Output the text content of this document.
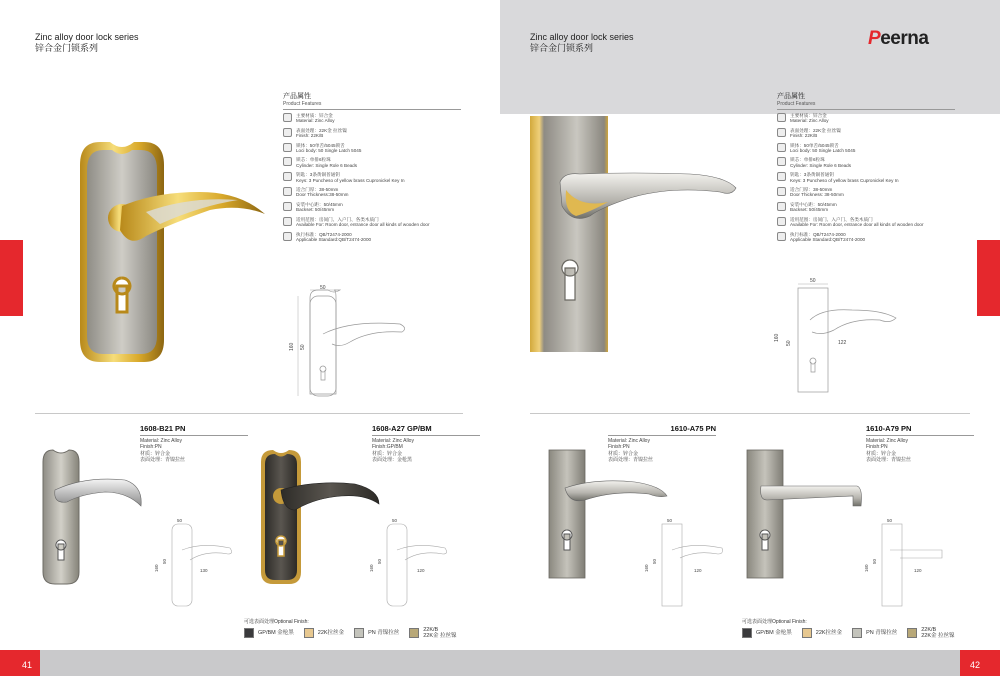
Zinc alloy door lock series
锌合金门锁系列
产品属性
Product Features
主要材质：锌合金
Material: Zinc Alloy
表面处理：22K金 拉丝镍
Finish: 22K/B
锁体：50单舌/5045锁舌
Loci body: 50 Single Latch 5045
锁芯：单排6粒珠
Cylinder: Single Role 6 Beads
钥匙：3条黄铜普通钥
Keys: 3 Puncheso of yellow brass Cupronickel Key In
适合门厚：38-50mm
Door Thickness:38-50mm
安装中心距：50/45mm
Backset: 50/45mm
适用范围：房间门、入户门、各类木质门
Available For: Room door, entrance door all kinds of wooden door
执行标准：QB/T2474-2000
Applicable Standard:QB/T2474-2000
50
160 50
1608-B21 PN
Material: Zinc Alloy
Finish:PN
材质：锌合金
表面处理：青镍拉丝
50
130
160
50
1608-A27 GP/BM
Material: Zinc Alloy
Finish:GP/BM
材质：锌合金
表面处理：金枪黑
50
120
160
50
可选表面处理Optional Finish:
GP/BM 金枪黑	22K拉丝金	PN 青镍拉丝	22K/B
22K金 拉丝镍
41
Zinc alloy door lock series
锌合金门锁系列	Peerna
产品属性
Product Features
主要材质：锌合金
Material: Zinc Alloy
表面处理：22K金 拉丝镍
Finish: 22K/B
锁体：50单舌/5045锁舌
Loci body: 50 Single Latch 5045
锁芯：单排6粒珠
Cylinder: Single Role 6 Beads
钥匙：3条黄铜普通钥
Keys: 3 Puncheso of yellow brass Cupronickel Key In
适合门厚：38-50mm
Door Thickness: 38-50mm
安装中心距：50/45mm
Backset: 50/45mm
适用范围：房间门、入户门、各类木质门
Available For: Room door, entrance door all kinds of wooden door
执行标准：QB/T2474-2000
Applicable Standard:QB/T2474-2000
50
122
160
50
1610-A75 PN
Material: Zinc Alloy
Finish:PN
材质：锌合金
表面处理：青镍拉丝
50
120
160
50
1610-A79 PN
Material: Zinc Alloy
Finish:PN
材质：锌合金
表面处理：青镍拉丝
50
120
160
50
可选表面处理Optional Finish:
GP/BM 金枪黑	22K拉丝金	PN 青镍拉丝	22K/B
22K金 拉丝镍
42
